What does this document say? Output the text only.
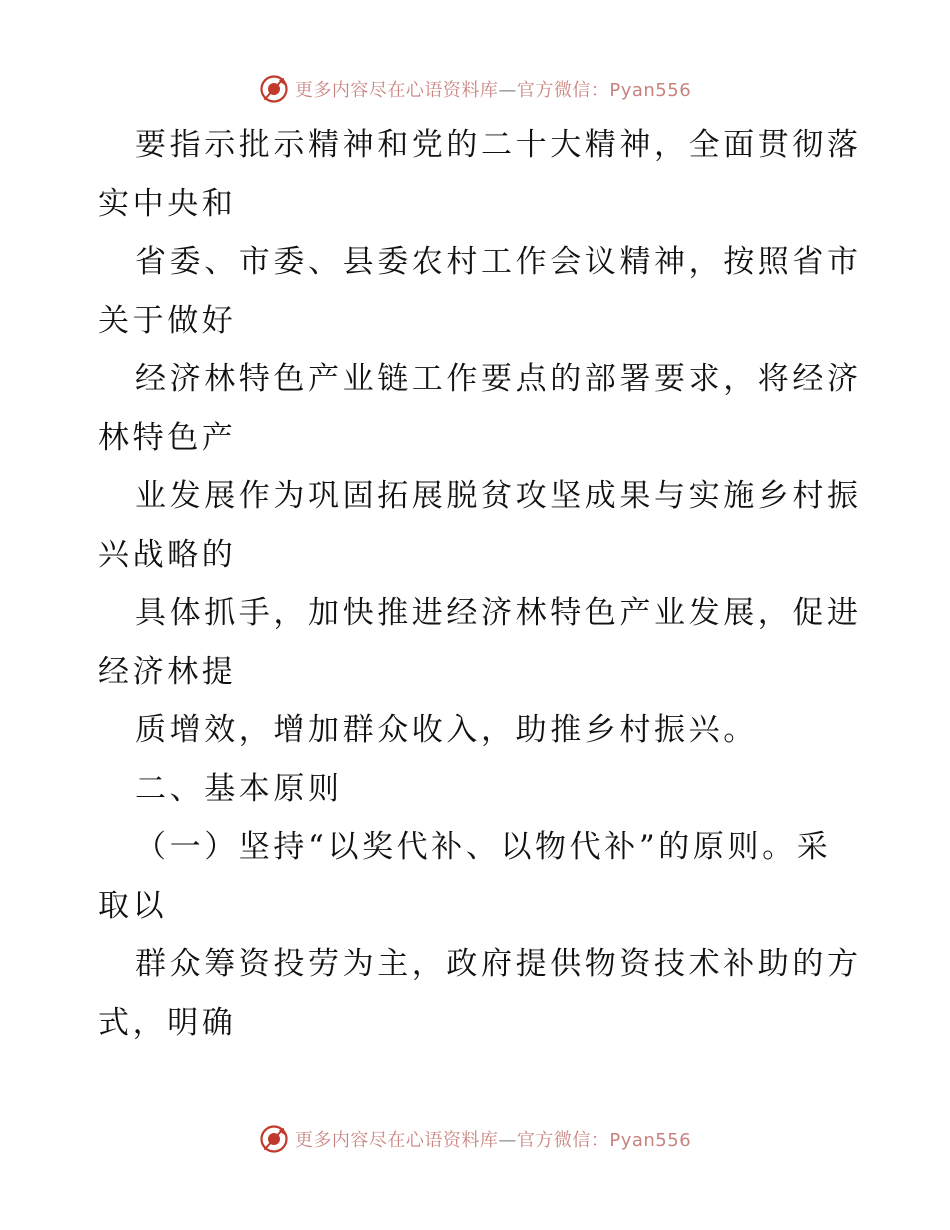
更多内容尽在心语资料库—官方微信：Pyan556
要指示批示精神和党的二十大精神，全面贯彻落
实中央和
省委、市委、县委农村工作会议精神，按照省市
关于做好
经济林特色产业链工作要点的部署要求，将经济
林特色产
业发展作为巩固拓展脱贫攻坚成果与实施乡村振
兴战略的
具体抓手，加快推进经济林特色产业发展，促进
经济林提
质增效，增加群众收入，助推乡村振兴。
二、基本原则
（一）坚持“以奖代补、以物代补”的原则。采
取以
群众筹资投劳为主，政府提供物资技术补助的方
式，明确
更多内容尽在心语资料库—官方微信：Pyan556
